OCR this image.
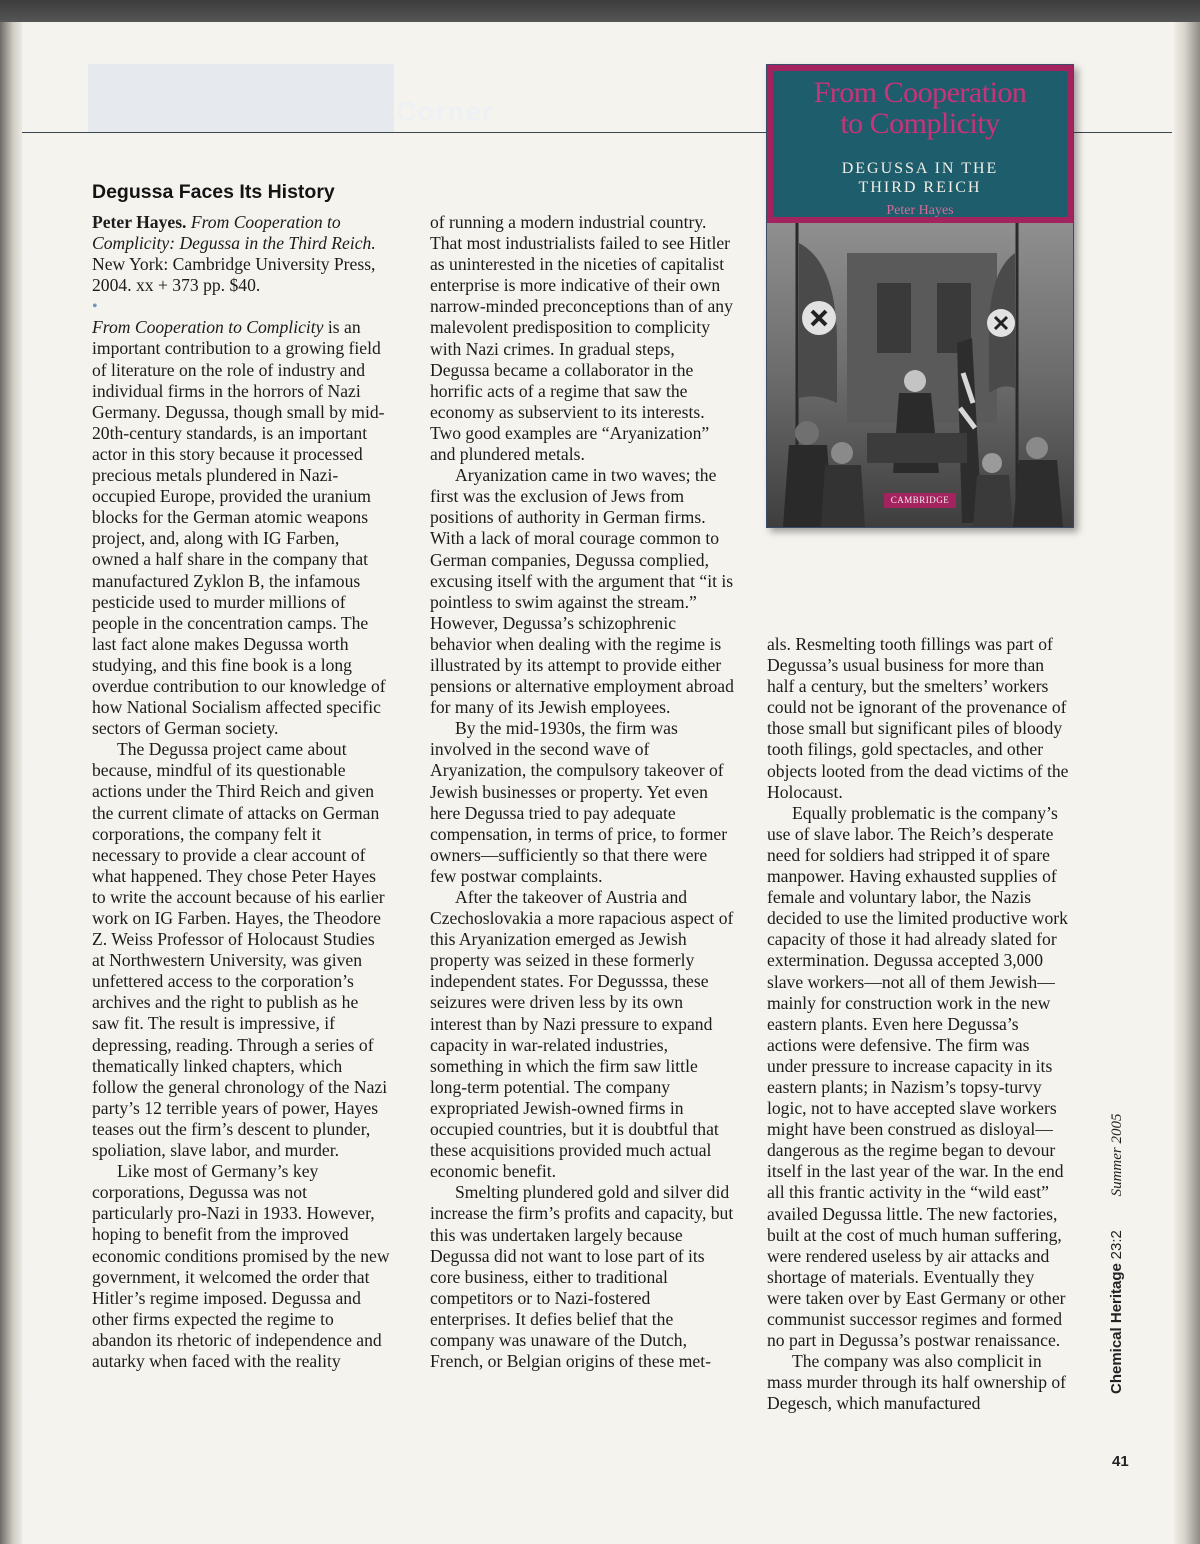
Corner
Degussa Faces Its History

Peter Hayes. From Cooperation to Complicity: Degussa in the Third Reich. New York: Cambridge University Press, 2004. xx + 373 pp. $40.

•

From Cooperation to Complicity is an important contribution to a growing field of literature on the role of industry and individual firms in the horrors of Nazi Germany. Degussa, though small by mid-20th-century standards, is an important actor in this story because it processed precious metals plundered in Nazi-occupied Europe, provided the uranium blocks for the German atomic weapons project, and, along with IG Farben, owned a half share in the company that manufactured Zyklon B, the infamous pesticide used to murder millions of people in the concentration camps. The last fact alone makes Degussa worth studying, and this fine book is a long overdue contribution to our knowledge of how National Socialism affected specific sectors of German society.

The Degussa project came about because, mindful of its questionable actions under the Third Reich and given the current climate of attacks on German corporations, the company felt it necessary to provide a clear account of what happened. They chose Peter Hayes to write the account because of his earlier work on IG Farben. Hayes, the Theodore Z. Weiss Professor of Holocaust Studies at Northwestern University, was given unfettered access to the corporation’s archives and the right to publish as he saw fit. The result is impressive, if depressing, reading. Through a series of thematically linked chapters, which follow the general chronology of the Nazi party’s 12 terrible years of power, Hayes teases out the firm’s descent to plunder, spoliation, slave labor, and murder.

Like most of Germany’s key corporations, Degussa was not particularly pro-Nazi in 1933. However, hoping to benefit from the improved economic conditions promised by the new government, it welcomed the order that Hitler’s regime imposed. Degussa and other firms expected the regime to abandon its rhetoric of independence and autarky when faced with the reality

of running a modern industrial country. That most industrialists failed to see Hitler as uninterested in the niceties of capitalist enterprise is more indicative of their own narrow-minded preconceptions than of any malevolent predisposition to complicity with Nazi crimes. In gradual steps, Degussa became a collaborator in the horrific acts of a regime that saw the economy as subservient to its interests. Two good examples are “Aryanization” and plundered metals.

Aryanization came in two waves; the first was the exclusion of Jews from positions of authority in German firms. With a lack of moral courage common to German companies, Degussa complied, excusing itself with the argument that “it is pointless to swim against the stream.” However, Degussa’s schizophrenic behavior when dealing with the regime is illustrated by its attempt to provide either pensions or alternative employment abroad for many of its Jewish employees.

By the mid-1930s, the firm was involved in the second wave of Aryanization, the compulsory takeover of Jewish businesses or property. Yet even here Degussa tried to pay adequate compensation, in terms of price, to former owners—sufficiently so that there were few postwar complaints.

After the takeover of Austria and Czechoslovakia a more rapacious aspect of this Aryanization emerged as Jewish property was seized in these formerly independent states. For Degusssa, these seizures were driven less by its own interest than by Nazi pressure to expand capacity in war-related industries, something in which the firm saw little long-term potential. The company expropriated Jewish-owned firms in occupied countries, but it is doubtful that these acquisitions provided much actual economic benefit.

Smelting plundered gold and silver did increase the firm’s profits and capacity, but this was undertaken largely because Degussa did not want to lose part of its core business, either to traditional competitors or to Nazi-fostered enterprises. It defies belief that the company was unaware of the Dutch, French, or Belgian origins of these met-

From Cooperation
to Complicity
DEGUSSA IN THE
THIRD REICH
Peter Hayes
CAMBRIDGE

als. Resmelting tooth fillings was part of Degussa’s usual business for more than half a century, but the smelters’ workers could not be ignorant of the provenance of those small but significant piles of bloody tooth filings, gold spectacles, and other objects looted from the dead victims of the Holocaust.

Equally problematic is the company’s use of slave labor. The Reich’s desperate need for soldiers had stripped it of spare manpower. Having exhausted supplies of female and voluntary labor, the Nazis decided to use the limited productive work capacity of those it had already slated for extermination. Degussa accepted 3,000 slave workers—not all of them Jewish—mainly for construction work in the new eastern plants. Even here Degussa’s actions were defensive. The firm was under pressure to increase capacity in its eastern plants; in Nazism’s topsy-turvy logic, not to have accepted slave workers might have been construed as disloyal—dangerous as the regime began to devour itself in the last year of the war. In the end all this frantic activity in the “wild east” availed Degussa little. The new factories, built at the cost of much human suffering, were rendered useless by air attacks and shortage of materials. Eventually they were taken over by East Germany or other communist successor regimes and formed no part in Degussa’s postwar renaissance.

The company was also complicit in mass murder through its half ownership of Degesch, which manufactured

Chemical Heritage 23:2 Summer 2005
41
